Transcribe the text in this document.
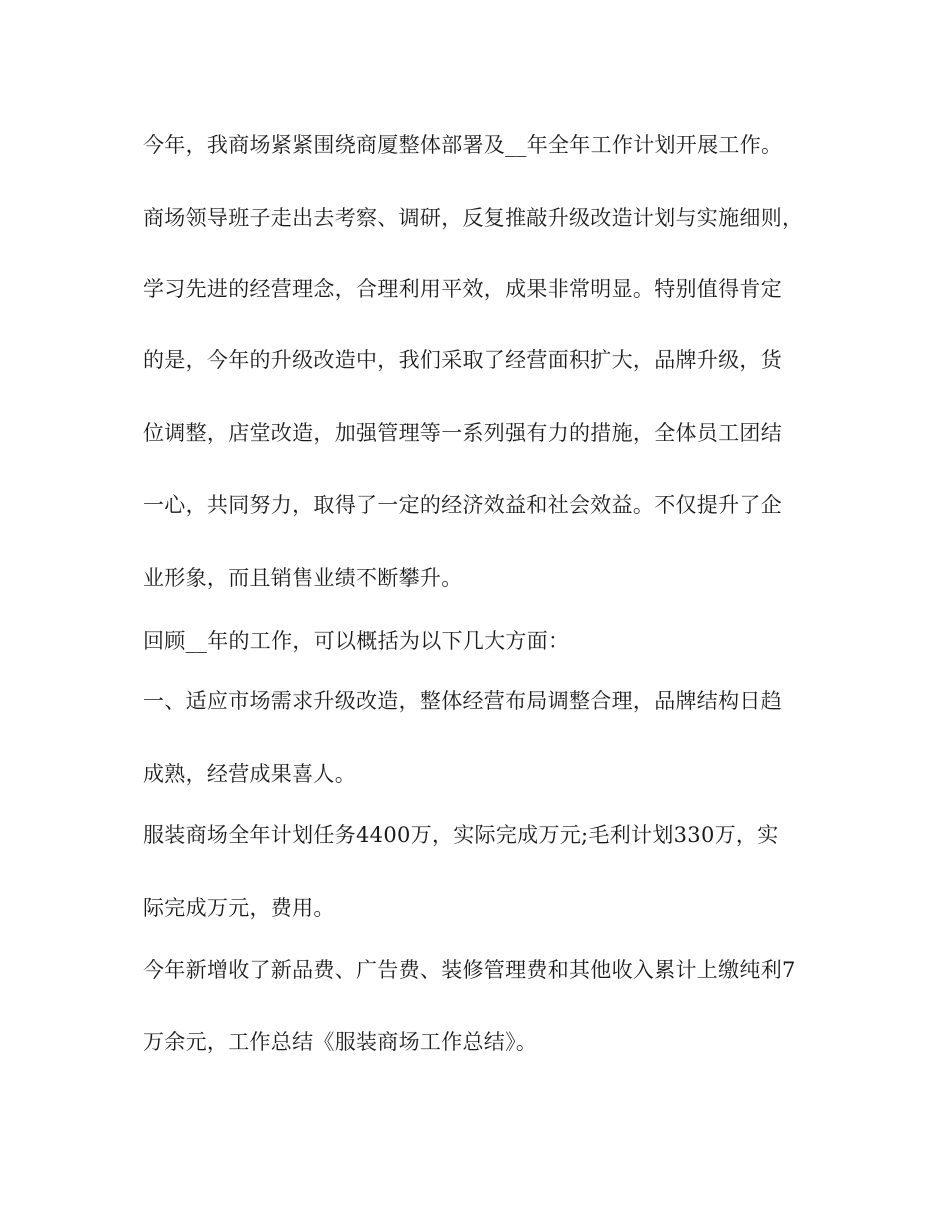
今年，我商场紧紧围绕商厦整体部署及__年全年工作计划开展工作。
商场领导班子走出去考察、调研，反复推敲升级改造计划与实施细则，
学习先进的经营理念，合理利用平效，成果非常明显。特别值得肯定
的是，今年的升级改造中，我们采取了经营面积扩大，品牌升级，货
位调整，店堂改造，加强管理等一系列强有力的措施，全体员工团结
一心，共同努力，取得了一定的经济效益和社会效益。不仅提升了企
业形象，而且销售业绩不断攀升。
回顾__年的工作，可以概括为以下几大方面：
一、适应市场需求升级改造，整体经营布局调整合理，品牌结构日趋
成熟，经营成果喜人。
服装商场全年计划任务4400万，实际完成万元;毛利计划330万，实
际完成万元，费用。
今年新增收了新品费、广告费、装修管理费和其他收入累计上缴纯利7
万余元，工作总结《服装商场工作总结》。
